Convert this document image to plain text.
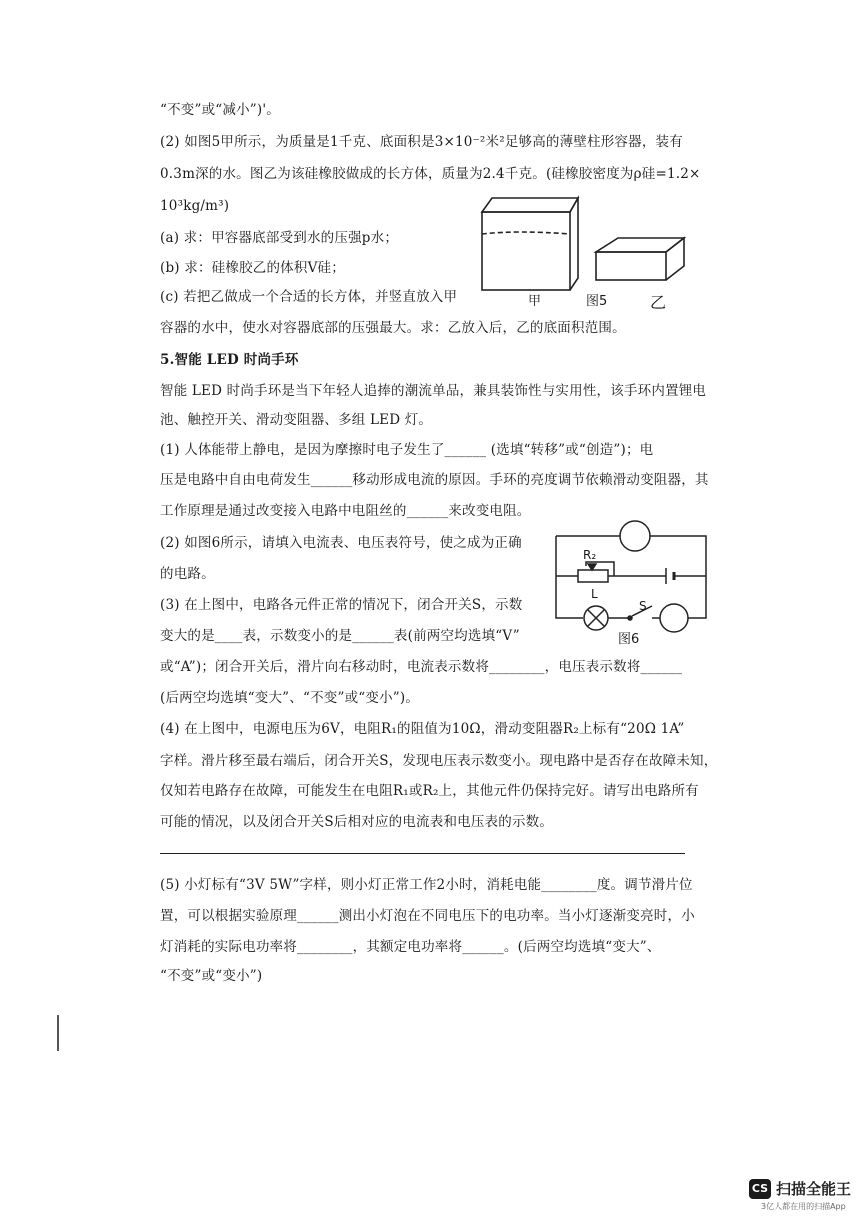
“不变”或“减小”)'。
(2) 如图5甲所示，为质量是1千克、底面积是3×10⁻²米²足够高的薄壁柱形容器，装有
0.3m深的水。图乙为该硅橡胶做成的长方体，质量为2.4千克。(硅橡胶密度为ρ硅=1.2×
10³kg/m³)
(a) 求：甲容器底部受到水的压强p水；
(b) 求：硅橡胶乙的体积V硅；
(c) 若把乙做成一个合适的长方体，并竖直放入甲
容器的水中，使水对容器底部的压强最大。求：乙放入后，乙的底面积范围。
5.智能 LED 时尚手环
智能 LED 时尚手环是当下年轻人追捧的潮流单品，兼具装饰性与实用性，该手环内置锂电
池、触控开关、滑动变阻器、多组 LED 灯。
(1) 人体能带上静电，是因为摩擦时电子发生了______ (选填“转移”或“创造”)；电
压是电路中自由电荷发生______移动形成电流的原因。手环的亮度调节依赖滑动变阻器，其
工作原理是通过改变接入电路中电阻丝的______来改变电阻。
(2) 如图6所示，请填入电流表、电压表符号，使之成为正确
的电路。
(3) 在上图中，电路各元件正常的情况下，闭合开关S，示数
变大的是____表，示数变小的是______表(前两空均选填“V”
或“A”)；闭合开关后，滑片向右移动时，电流表示数将________，电压表示数将______
(后两空均选填“变大”、“不变”或“变小”)。
(4) 在上图中，电源电压为6V，电阻R₁的阻值为10Ω，滑动变阻器R₂上标有“20Ω 1A”
字样。滑片移至最右端后，闭合开关S，发现电压表示数变小。现电路中是否存在故障未知，
仅知若电路存在故障，可能发生在电阻R₁或R₂上，其他元件仍保持完好。请写出电路所有
可能的情况，以及闭合开关S后相对应的电流表和电压表的示数。
(5) 小灯标有“3V 5W”字样，则小灯正常工作2小时，消耗电能________度。调节滑片位
置，可以根据实验原理______测出小灯泡在不同电压下的电功率。当小灯逐渐变亮时，小
灯消耗的实际电功率将________，其额定电功率将______。(后两空均选填“变大”、
“不变”或“变小”)
甲	图5	乙
R₂
L
S
图6
CS 扫描全能王
3亿人都在用的扫描App
